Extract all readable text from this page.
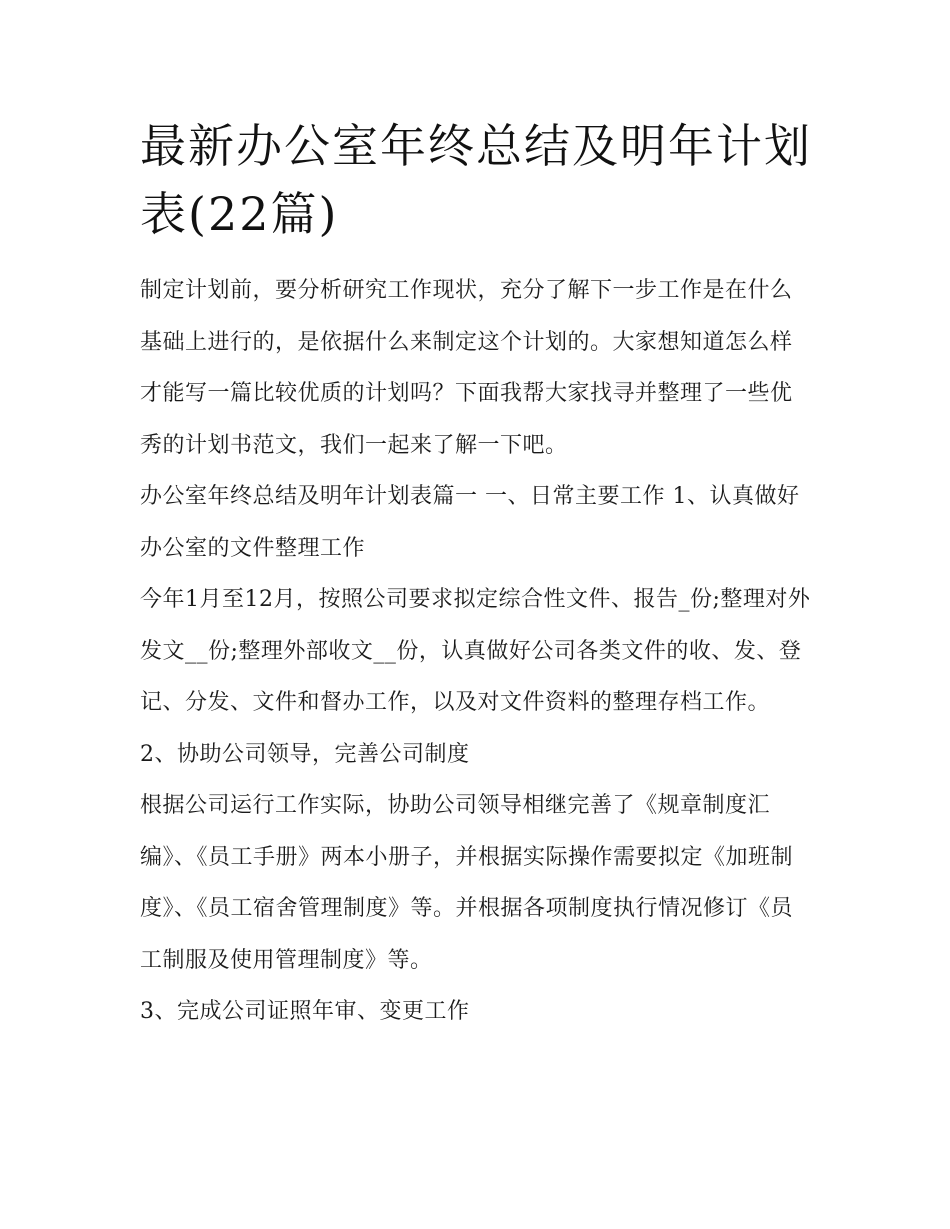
最新办公室年终总结及明年计划表(22篇)

制定计划前，要分析研究工作现状，充分了解下一步工作是在什么基础上进行的，是依据什么来制定这个计划的。大家想知道怎么样才能写一篇比较优质的计划吗？下面我帮大家找寻并整理了一些优秀的计划书范文，我们一起来了解一下吧。

办公室年终总结及明年计划表篇一 一、日常主要工作 1、认真做好办公室的文件整理工作

今年1月至12月，按照公司要求拟定综合性文件、报告_份;整理对外发文__份;整理外部收文__份，认真做好公司各类文件的收、发、登记、分发、文件和督办工作，以及对文件资料的整理存档工作。

2、协助公司领导，完善公司制度

根据公司运行工作实际，协助公司领导相继完善了《规章制度汇编》、《员工手册》两本小册子，并根据实际操作需要拟定《加班制度》、《员工宿舍管理制度》等。并根据各项制度执行情况修订《员工制服及使用管理制度》等。

3、完成公司证照年审、变更工作
